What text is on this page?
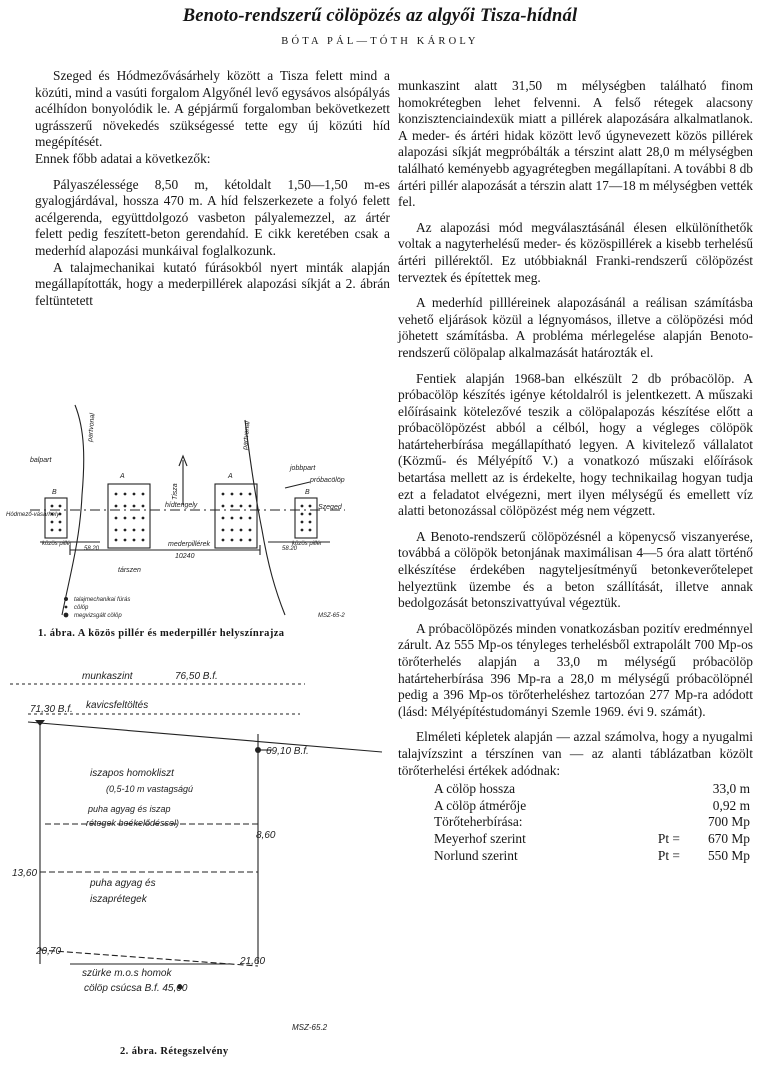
Benoto-rendszerű cölöpözés az algyői Tisza-hídnál
BÓTA PÁL—TÓTH KÁROLY

Szeged és Hódmezővásárhely között a Tisza felett mind a közúti, mind a vasúti forgalom Algyőnél levő egysávos alsópályás acélhídon bonyolódik le. A gépjármű forgalomban bekövetkezett ugrásszerű növekedés szükségessé tette egy új közúti híd megépítését.

Ennek főbb adatai a következők:

Pályaszélessége 8,50 m, kétoldalt 1,50—1,50 m-es gyalogjárdával, hossza 470 m. A híd felszerkezete a folyó felett acélgerenda, együttdolgozó vasbeton pályalemezzel, az ártér felett pedig feszített-beton gerendahíd. E cikk keretében csak a mederhíd alapozási munkáival foglalkozunk.

A talajmechanikai kutató fúrásokból nyert minták alapján megállapították, hogy a mederpillérek alapozási síkját a 2. ábrán feltüntetett

munkaszint alatt 31,50 m mélységben található finom homokrétegben lehet felvenni. A felső rétegek alacsony konzisztenciaindexük miatt a pillérek alapozására alkalmatlanok. A meder- és ártéri hidak között levő úgynevezett közös pillérek alapozási síkját megpróbálták a térszint alatt 28,0 m mélységben található keményebb agyagrétegben megállapítani. A további 8 db ártéri pillér alapozását a térszin alatt 17—18 m mélységben vették fel.

Az alapozási mód megválasztásánál élesen elkülöníthetők voltak a nagyterhelésű meder- és közöspillérek a kisebb terhelésű ártéri pillérektől. Ez utóbbiaknál Franki-rendszerű cölöpözést terveztek és építettek meg.

A mederhíd pillléreinek alapozásánál a reálisan számításba vehető eljárások közül a légnyomásos, illetve a cölöpözési mód jöhetett számításba. A probléma mérlegelése alapján Benoto-rendszerű cölöpalap alkalmazását határozták el.

Fentiek alapján 1968-ban elkészült 2 db próbacölöp. A próbacölöp készítés igénye kétoldalról is jelentkezett. A műszaki előírásaink kötelezővé teszik a cölöpalapozás készítése előtt a próbacölöpözést abból a célból, hogy a végleges cölöpök határteherbírása megállapítható legyen. A kivitelező vállalatot (Közmű- és Mélyépítő V.) a vonatkozó műszaki előírások betartása mellett az is érdekelte, hogy technikailag hogyan tudja ezt a feladatot elvégezni, mert ilyen mélységű és emellett víz alatti betonozással cölöpözést még nem végzett.

A Benoto-rendszerű cölöpözésnél a köpenycső viszanyerése, továbbá a cölöpök betonjának maximálisan 4—5 óra alatt történő elkészítése érdekében nagyteljesítményű betonkeverőtelepet helyeztünk üzembe és a beton szállítását, illetve annak bedolgozását betonszivattyúval végeztük.

A próbacölöpözés minden vonatkozásban pozitív eredménnyel zárult. Az 555 Mp-os tényleges terhelésből extrapolált 700 Mp-os törőterhelés alapján a 33,0 m mélységű próbacölöp határteherbírása 396 Mp-ra a 28,0 m mélységű próbacölöpnél pedig a 396 Mp-os törőterheléshez tartozóan 277 Mp-ra adódott (lásd: Mélyépítéstudományi Szemle 1969. évi 9. számát).

Elméleti képletek alapján — azzal számolva, hogy a nyugalmi talajvízszint a térszínen van — az alanti táblázatban közölt törőterhelési értékek adódnak:

A cölöp hossza	33,0 m
A cölöp átmérője	0,92 m
Törőteherbírása:	700 Mp
Meyerhof szerint	Pt =	670 Mp
Norlund szerint	Pt =	550 Mp
balpart
jobbpart
partvonal	partvonal
Hódmező-vásárhely
Szeged
Tisza
hídtengely
mederpillérek
10240
közös pillér	közös pillér
58.20	58.20
A	A
B	B
próbacölöp
társzen
talajmechanikai fúrás
cölöp
megvizsgált cölöp	MSZ-65-2
1. ábra. A közös pillér és mederpillér helyszínrajza
munkaszint	76,50 B.f.
71,30 B.f. kavicsfeltöltés
69,10 B.f.
iszapos homokliszt
(0,5-10 m vastagságú
puha agyag és iszap
rétegek beékelődéssel)
8,60
13,60
puha agyag és
iszaprétegek
20,70
21,60
szürke m.o.s homok
cölöp csúcsa B.f. 45,00
MSZ-65.2
2. ábra. Rétegszelvény
